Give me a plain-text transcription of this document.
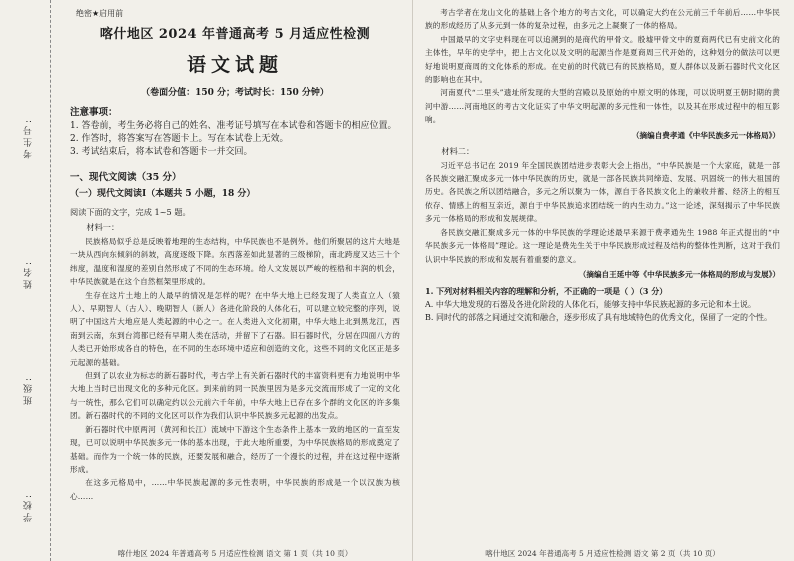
考 生 号 :
姓 名 :
班 级 :
学 校 :

绝密★启用前

喀什地区 2024 年普通高考 5 月适应性检测

语文试题

（卷面分值：150 分；考试时长：150 分钟）

注意事项：

1. 答卷前，考生务必将自己的姓名、准考证号填写在本试卷和答题卡的相应位置。

2. 作答时，将答案写在答题卡上。写在本试卷上无效。

3. 考试结束后，将本试卷和答题卡一并交回。

一、现代文阅读（35 分）

（一）现代文阅读Ⅰ（本题共 5 小题，18 分）

阅读下面的文字，完成 1~5 题。

材料一：

民族格局似乎总是反映着地理的生态结构，中华民族也不是例外。他们所聚居的这片大地是一块从西向东倾斜的斜坡，高度逐级下降。东西落差如此显著的三级梯阶，南北跨度又达三十个纬度，温度和湿度的差别自然形成了不同的生态环境。给人文发展以严峻的桎梏和丰润的机会，中华民族就是在这个自然框架里形成的。

生存在这片土地上的人最早的情况是怎样的呢？在中华大地上已经发现了人类直立人（猿人）、早期智人（古人）、晚期智人（新人）各进化阶段的人体化石，可以建立较完整的序列，说明了中国这片大地应是人类起源的中心之一。在人类进入文化初期，中华大地上北到黑龙江，西南到云南，东到台湾都已经有早期人类在活动，并留下了石器。旧石器时代，分居在四面八方的人类已开始形成各自的特色，在不同的生态环境中适应和创造的文化，这些不同的文化区正是多元起源的基础。

但到了以农业为标志的新石器时代，考古学上有关新石器时代的丰富资料更有力地说明中华大地上当时已出现文化的多种元化区。到来前的同一民族里因为是多元交流而形成了一定的文化与一统性，那么它们可以确定约以公元前六千年前，中华大地上已存在多个群的文化区的许多集团。新石器时代的不同的文化区可以作为我们认识中华民族多元起源的出发点。

新石器时代中原两河（黄河和长江）流域中下游这个生态条件上基本一致的地区的一直至发现，已可以说明中华民族多元一体的基本出现，于此大地所重要，为中华民族格局的形成奠定了基础。而作为一个统一体的民族，还要发展和融合，经历了一个漫长的过程，并在这过程中逐渐形成。

在这多元格局中，……中华民族起源的多元性表明，中华民族的形成是一个以汉族为核心……

喀什地区 2024 年普通高考 5 月适应性检测 语文 第 1 页（共 10 页）

考古学者在龙山文化的基础上各个地方的考古文化，可以确定大约在公元前三千年前后……中华民族的形成经历了从多元到一体的复杂过程，由多元之上凝聚了一体的格局。

中国最早的文字史料现在可以追溯到的是商代的甲骨文。殷墟甲骨文中的夏商两代已有史前文化的主体性，早年的史学中，把上古文化以及文明的起源当作是夏商周三代开始的，这种划分的做法可以更好地说明夏商周的文化体系的形成。在史前的时代就已有的民族格局，夏人群体以及新石器时代文化区的影响也在其中。

河南夏代“二里头”遗址所发现的大型的宫殿以及原始的中原文明的体现，可以说明夏王朝时期的黄河中游……河南地区的考古文化证实了中华文明起源的多元性和一体性，以及其在形成过程中的相互影响。

（摘编自费孝通《中华民族多元一体格局》）

材料二：

习近平总书记在 2019 年全国民族团结进步表彰大会上指出，“中华民族是一个大家庭，就是一部各民族交融汇聚成多元一体中华民族的历史，就是一部各民族共同缔造、发展、巩固统一的伟大祖国的历史。各民族之所以团结融合，多元之所以聚为一体，源自于各民族文化上的兼收并蓄、经济上的相互依存、情感上的相互亲近，源自于中华民族追求团结统一的内生动力。”这一论述，深刻揭示了中华民族多元一体格局的形成和发展规律。

各民族交融汇聚成多元一体的中华民族的学理论述最早来源于费孝通先生 1988 年正式提出的“中华民族多元一体格局”理论。这一理论是费先生关于中华民族形成过程及结构的整体性判断，这对于我们认识中华民族的形成和发展有着重要的意义。

（摘编自王延中等《中华民族多元一体格局的形成与发展》）

1. 下列对材料相关内容的理解和分析，不正确的一项是（ ）（3 分）

A. 中华大地发现的石器及各进化阶段的人体化石，能够支持中华民族起源的多元论和本土说。

B. 同时代的部落之间通过交流和融合，逐步形成了具有地域特色的优秀文化，保留了一定的个性。

喀什地区 2024 年普通高考 5 月适应性检测 语文 第 2 页（共 10 页）
